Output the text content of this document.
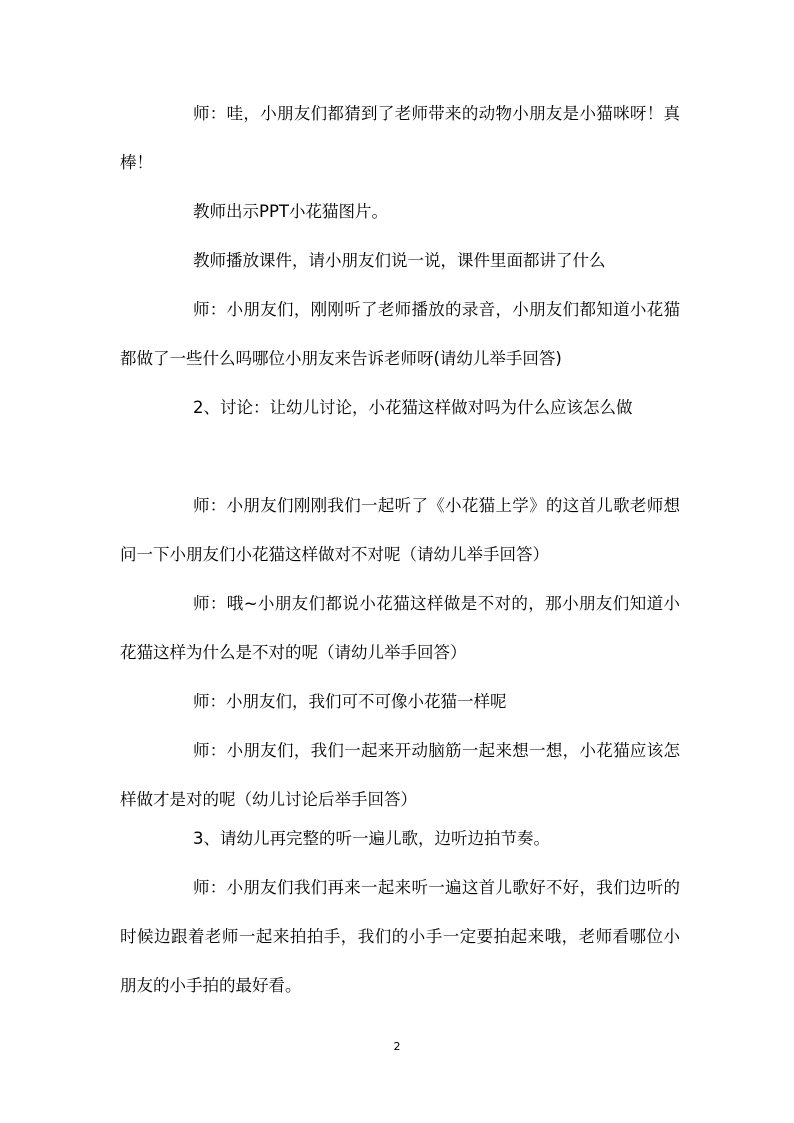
师：哇，小朋友们都猜到了老师带来的动物小朋友是小猫咪呀！真棒！

教师出示PPT小花猫图片。

教师播放课件，请小朋友们说一说，课件里面都讲了什么

师：小朋友们，刚刚听了老师播放的录音，小朋友们都知道小花猫都做了一些什么吗哪位小朋友来告诉老师呀(请幼儿举手回答)

2、讨论：让幼儿讨论，小花猫这样做对吗为什么应该怎么做

师：小朋友们刚刚我们一起听了《小花猫上学》的这首儿歌老师想问一下小朋友们小花猫这样做对不对呢（请幼儿举手回答）

师：哦~小朋友们都说小花猫这样做是不对的，那小朋友们知道小花猫这样为什么是不对的呢（请幼儿举手回答）

师：小朋友们，我们可不可像小花猫一样呢

师：小朋友们，我们一起来开动脑筋一起来想一想，小花猫应该怎样做才是对的呢（幼儿讨论后举手回答）

3、请幼儿再完整的听一遍儿歌，边听边拍节奏。

师：小朋友们我们再来一起来听一遍这首儿歌好不好，我们边听的时候边跟着老师一起来拍拍手，我们的小手一定要拍起来哦，老师看哪位小朋友的小手拍的最好看。

2
